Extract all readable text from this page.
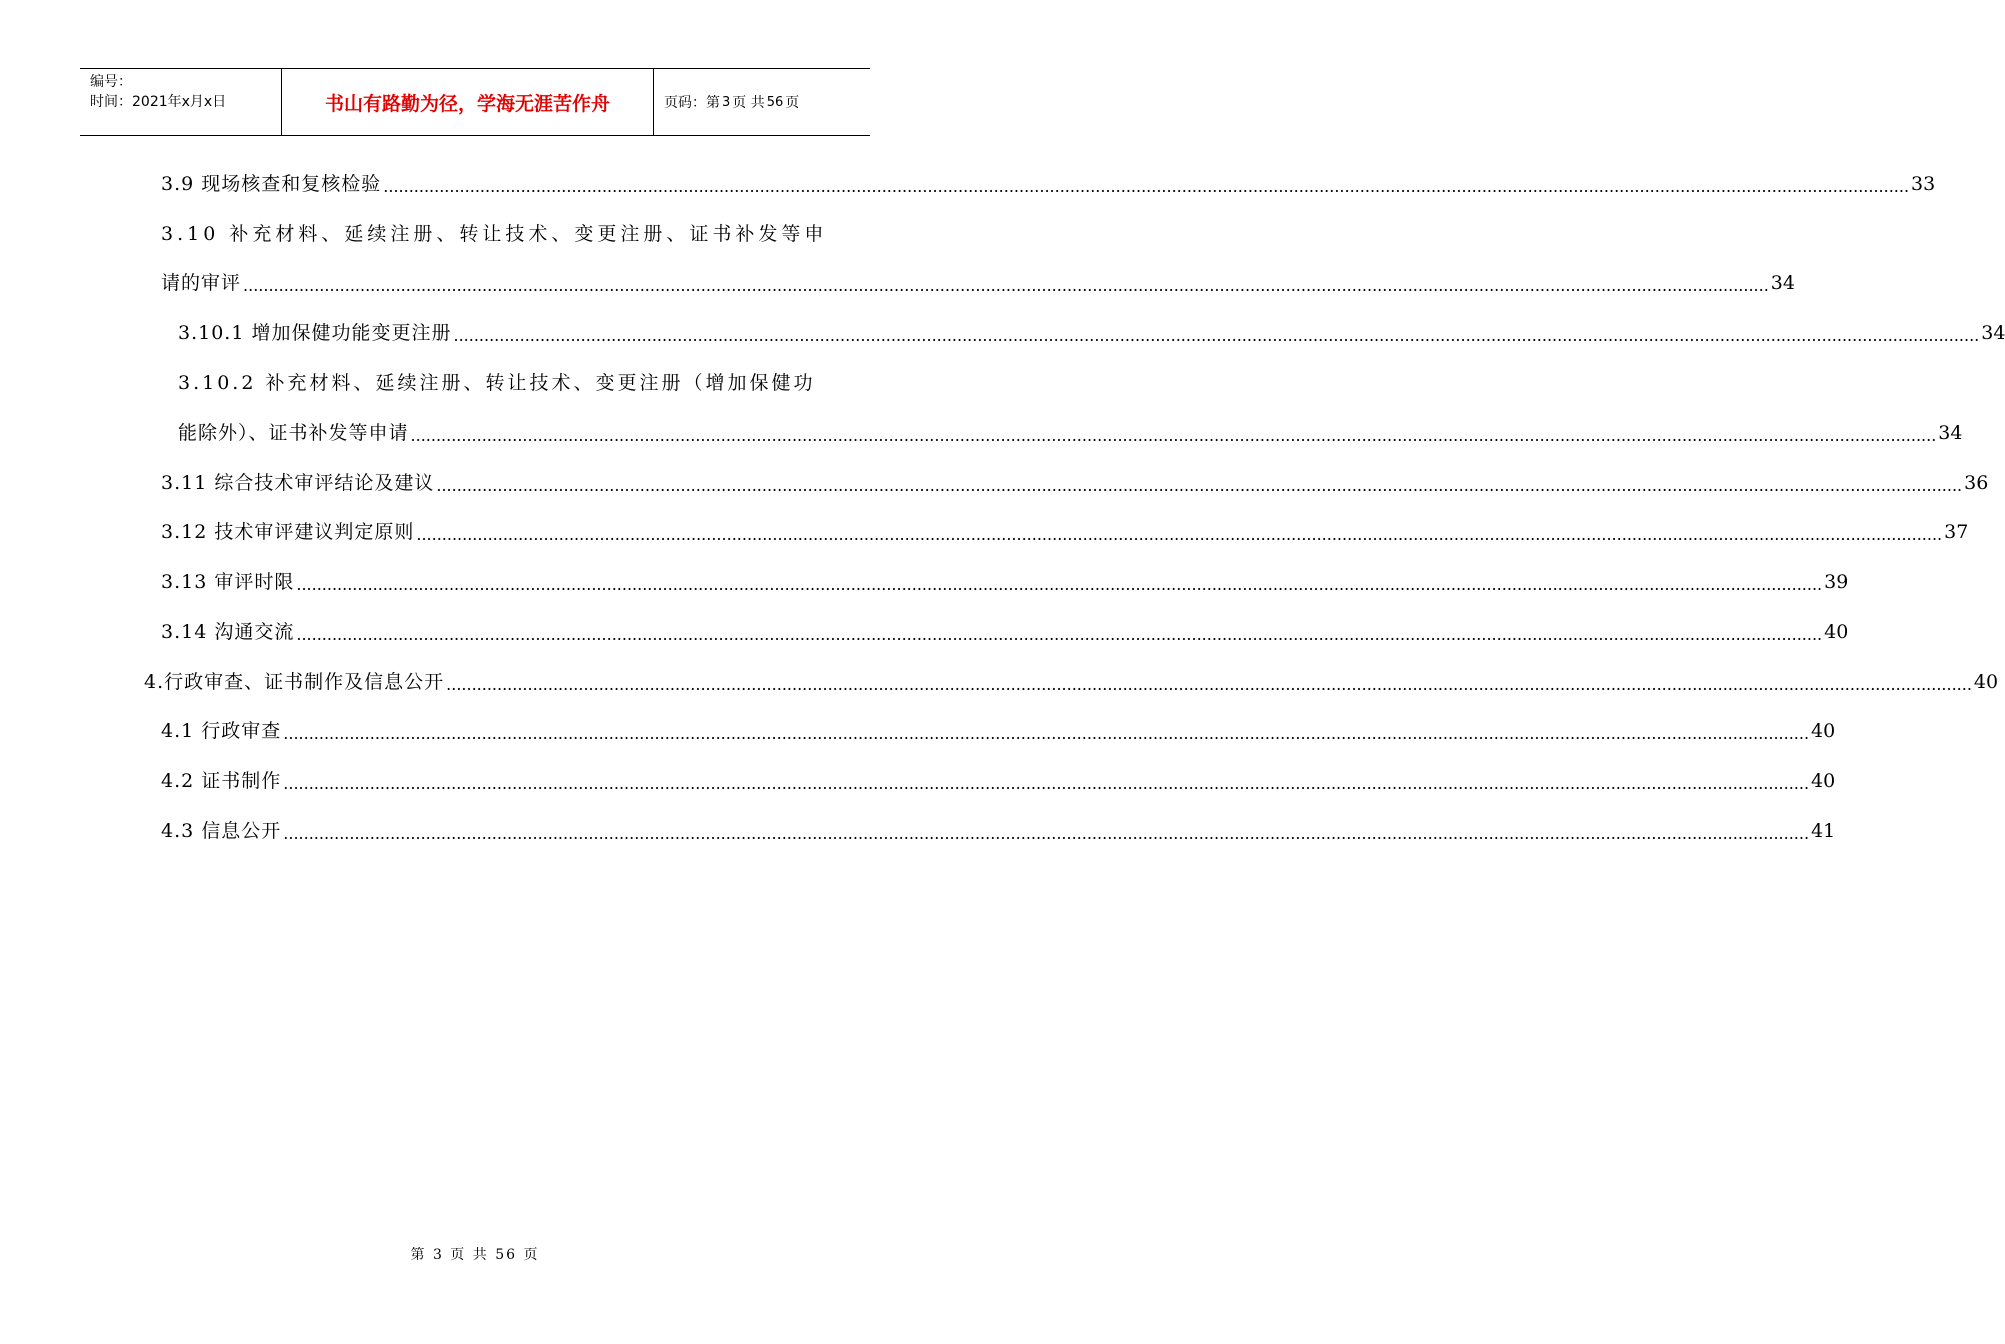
编号：
时间：2021年x月x日	书山有路勤为径，学海无涯苦作舟	页码：第 3 页 共 56 页
3.9 现场核查和复核检验 ............................................................................................................................................................................................................................................................................................................ 33
3.10 补充材料、延续注册、转让技术、变更注册、证书补发等申
请的审评 ............................................................................................................................................................................................................................................................................................................ 34
3.10.1 增加保健功能变更注册 ............................................................................................................................................................................................................................................................................................................ 34
3.10.2 补充材料、延续注册、转让技术、变更注册（增加保健功
能除外）、证书补发等申请 ............................................................................................................................................................................................................................................................................................................ 34
3.11 综合技术审评结论及建议 ............................................................................................................................................................................................................................................................................................................ 36
3.12 技术审评建议判定原则 ............................................................................................................................................................................................................................................................................................................ 37
3.13 审评时限 ............................................................................................................................................................................................................................................................................................................ 39
3.14 沟通交流 ............................................................................................................................................................................................................................................................................................................ 40
4.行政审查、证书制作及信息公开 ............................................................................................................................................................................................................................................................................................................ 40
4.1 行政审查 ............................................................................................................................................................................................................................................................................................................ 40
4.2 证书制作 ............................................................................................................................................................................................................................................................................................................ 40
4.3 信息公开 ............................................................................................................................................................................................................................................................................................................ 41
第 3 页 共 56 页
